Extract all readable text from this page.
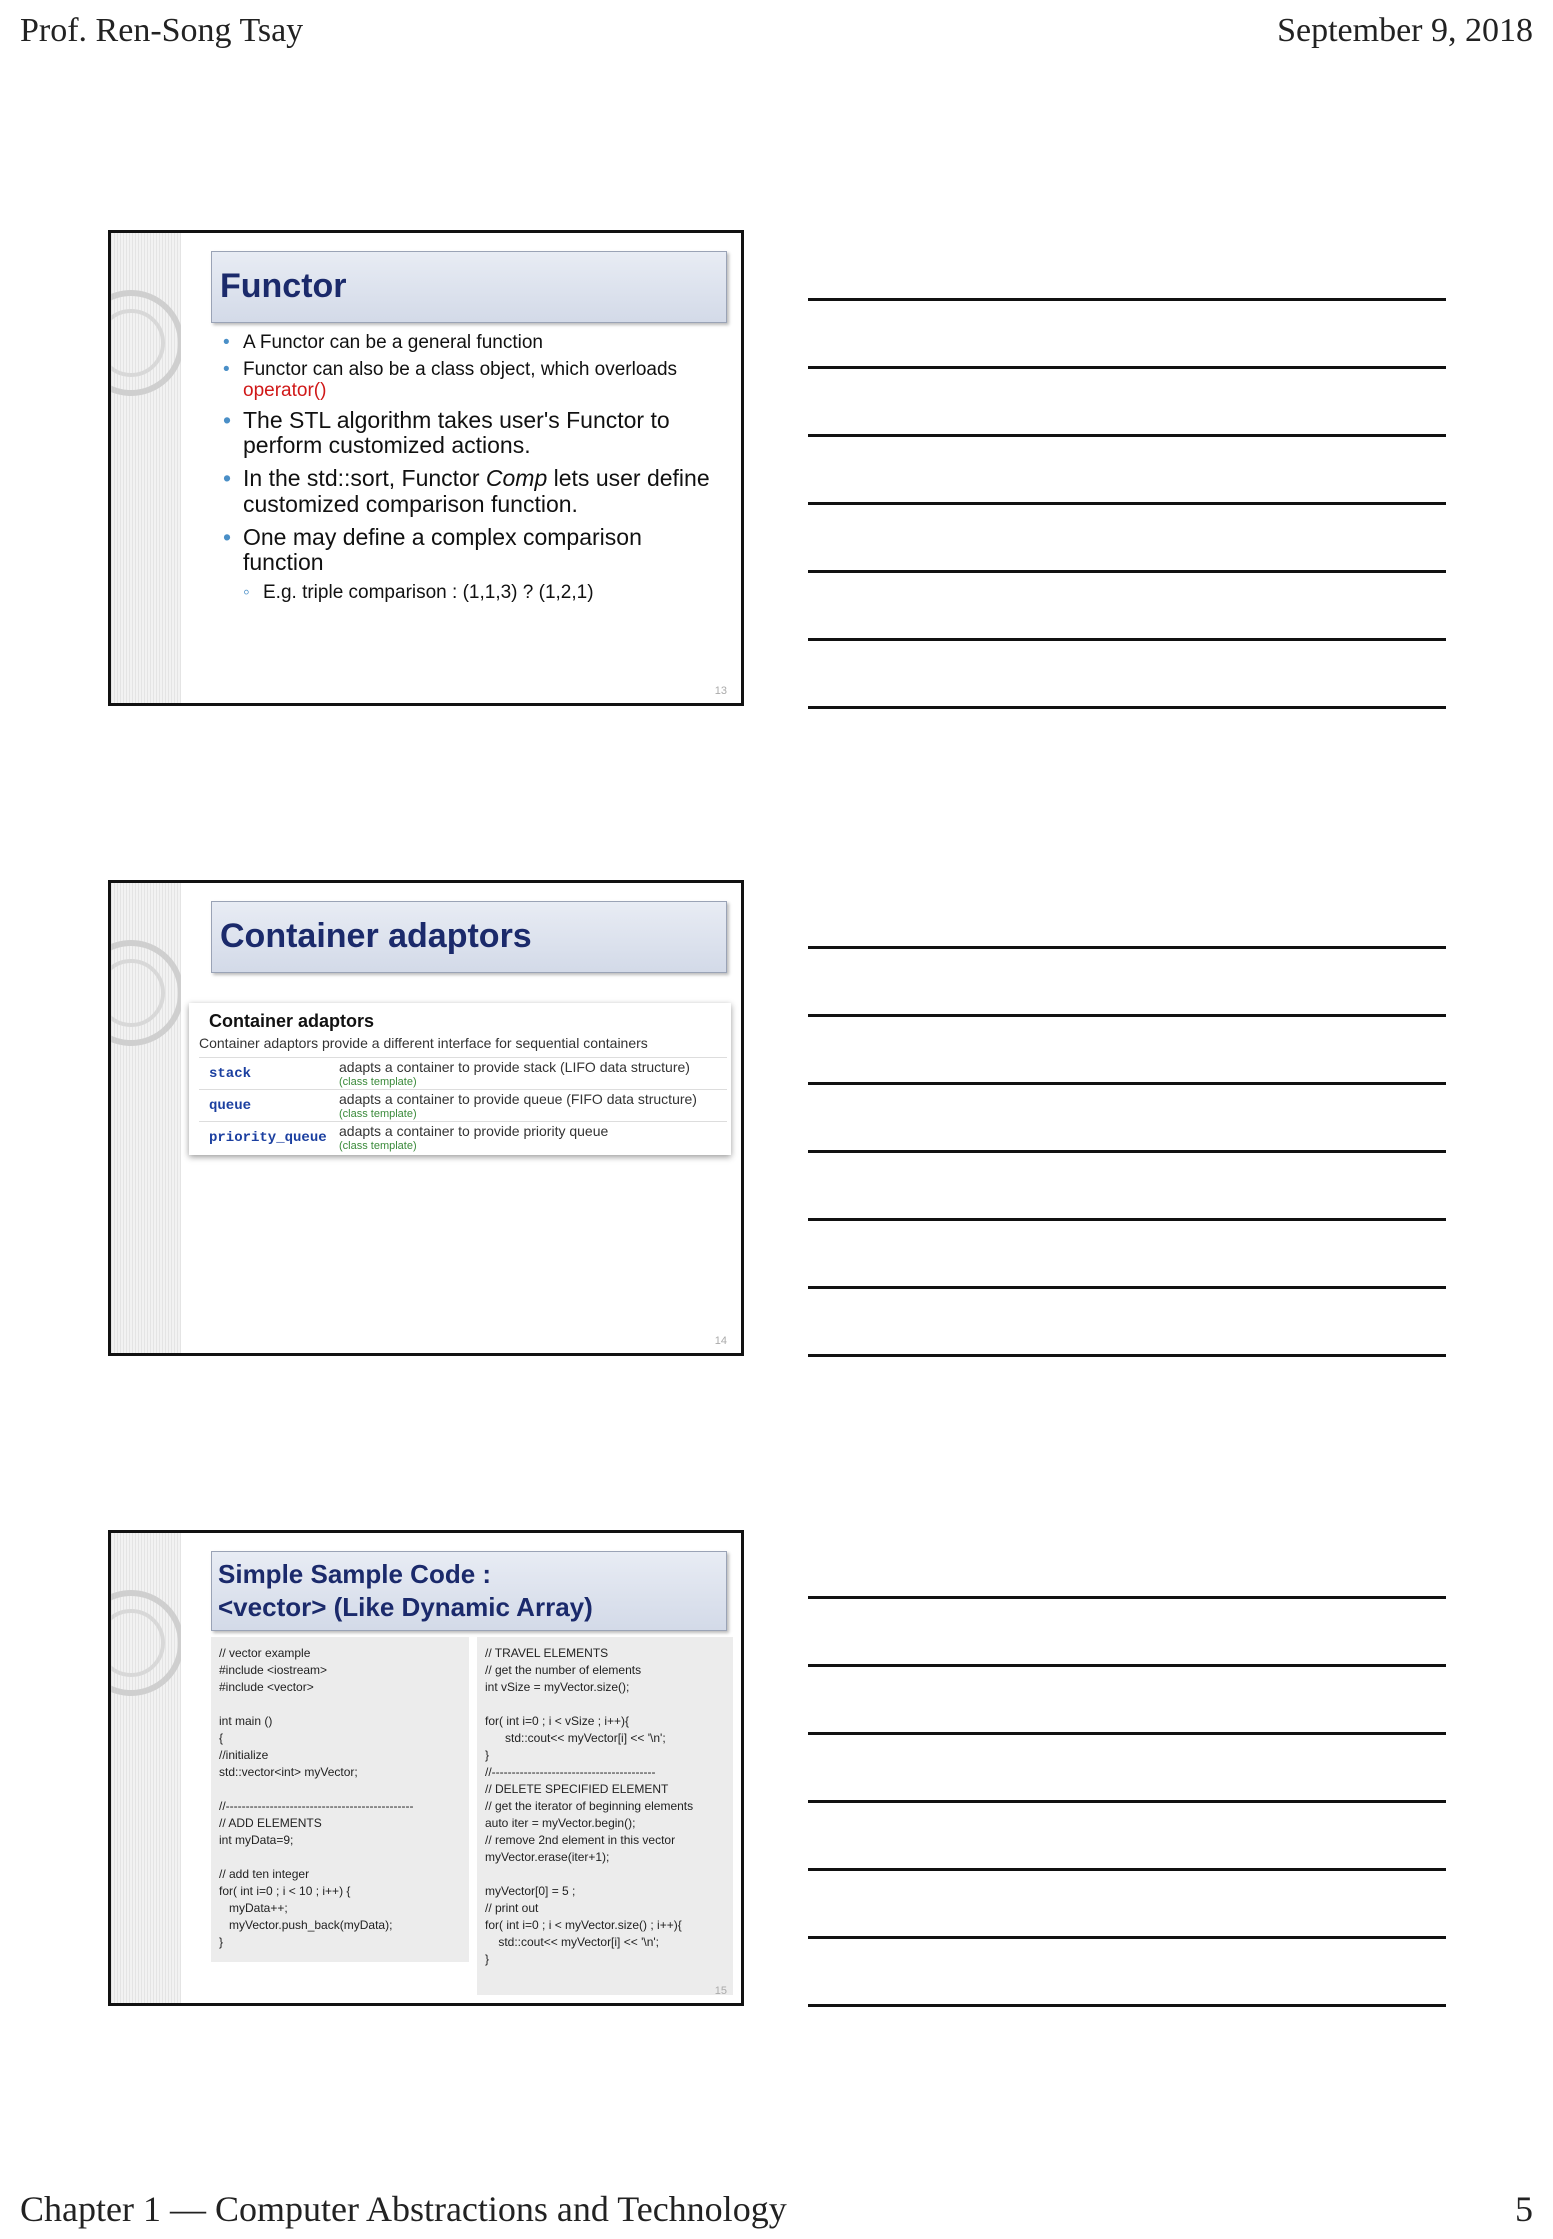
Prof. Ren-Song Tsay	September 9, 2018
Functor
• A Functor can be a general function
• Functor can also be a class object, which overloads
operator()
• The STL algorithm takes user's Functor to perform customized actions.
• In the std::sort, Functor Comp lets user define customized comparison function.
• One may define a complex comparison function
◦ E.g. triple comparison : (1,1,3) ? (1,2,1)
13
Container adaptors
Container adaptors
Container adaptors provide a different interface for sequential containers
stack	adapts a container to provide stack (LIFO data structure)
(class template)
queue	adapts a container to provide queue (FIFO data structure)
(class template)
priority_queue adapts a container to provide priority queue
(class template)
14
Simple Sample Code :
<vector> (Like Dynamic Array)
// vector example
#include <iostream>
#include <vector>

int main ()
{
//initialize
std::vector<int> myVector;

//-----------------------------------------------
// ADD ELEMENTS
int myData=9;

// add ten integer
for( int i=0 ; i < 10 ; i++) {
myData++;
myVector.push_back(myData);
}
// TRAVEL ELEMENTS
// get the number of elements
int vSize = myVector.size();

for( int i=0 ; i < vSize ; i++){
std::cout<< myVector[i] << '\n';
}
//-----------------------------------------
// DELETE SPECIFIED ELEMENT
// get the iterator of beginning elements
auto iter = myVector.begin();
// remove 2nd element in this vector
myVector.erase(iter+1);

myVector[0] = 5 ;
// print out
for( int i=0 ; i < myVector.size() ; i++){
std::cout<< myVector[i] << '\n';
}
15
Chapter 1 — Computer Abstractions and Technology	5
